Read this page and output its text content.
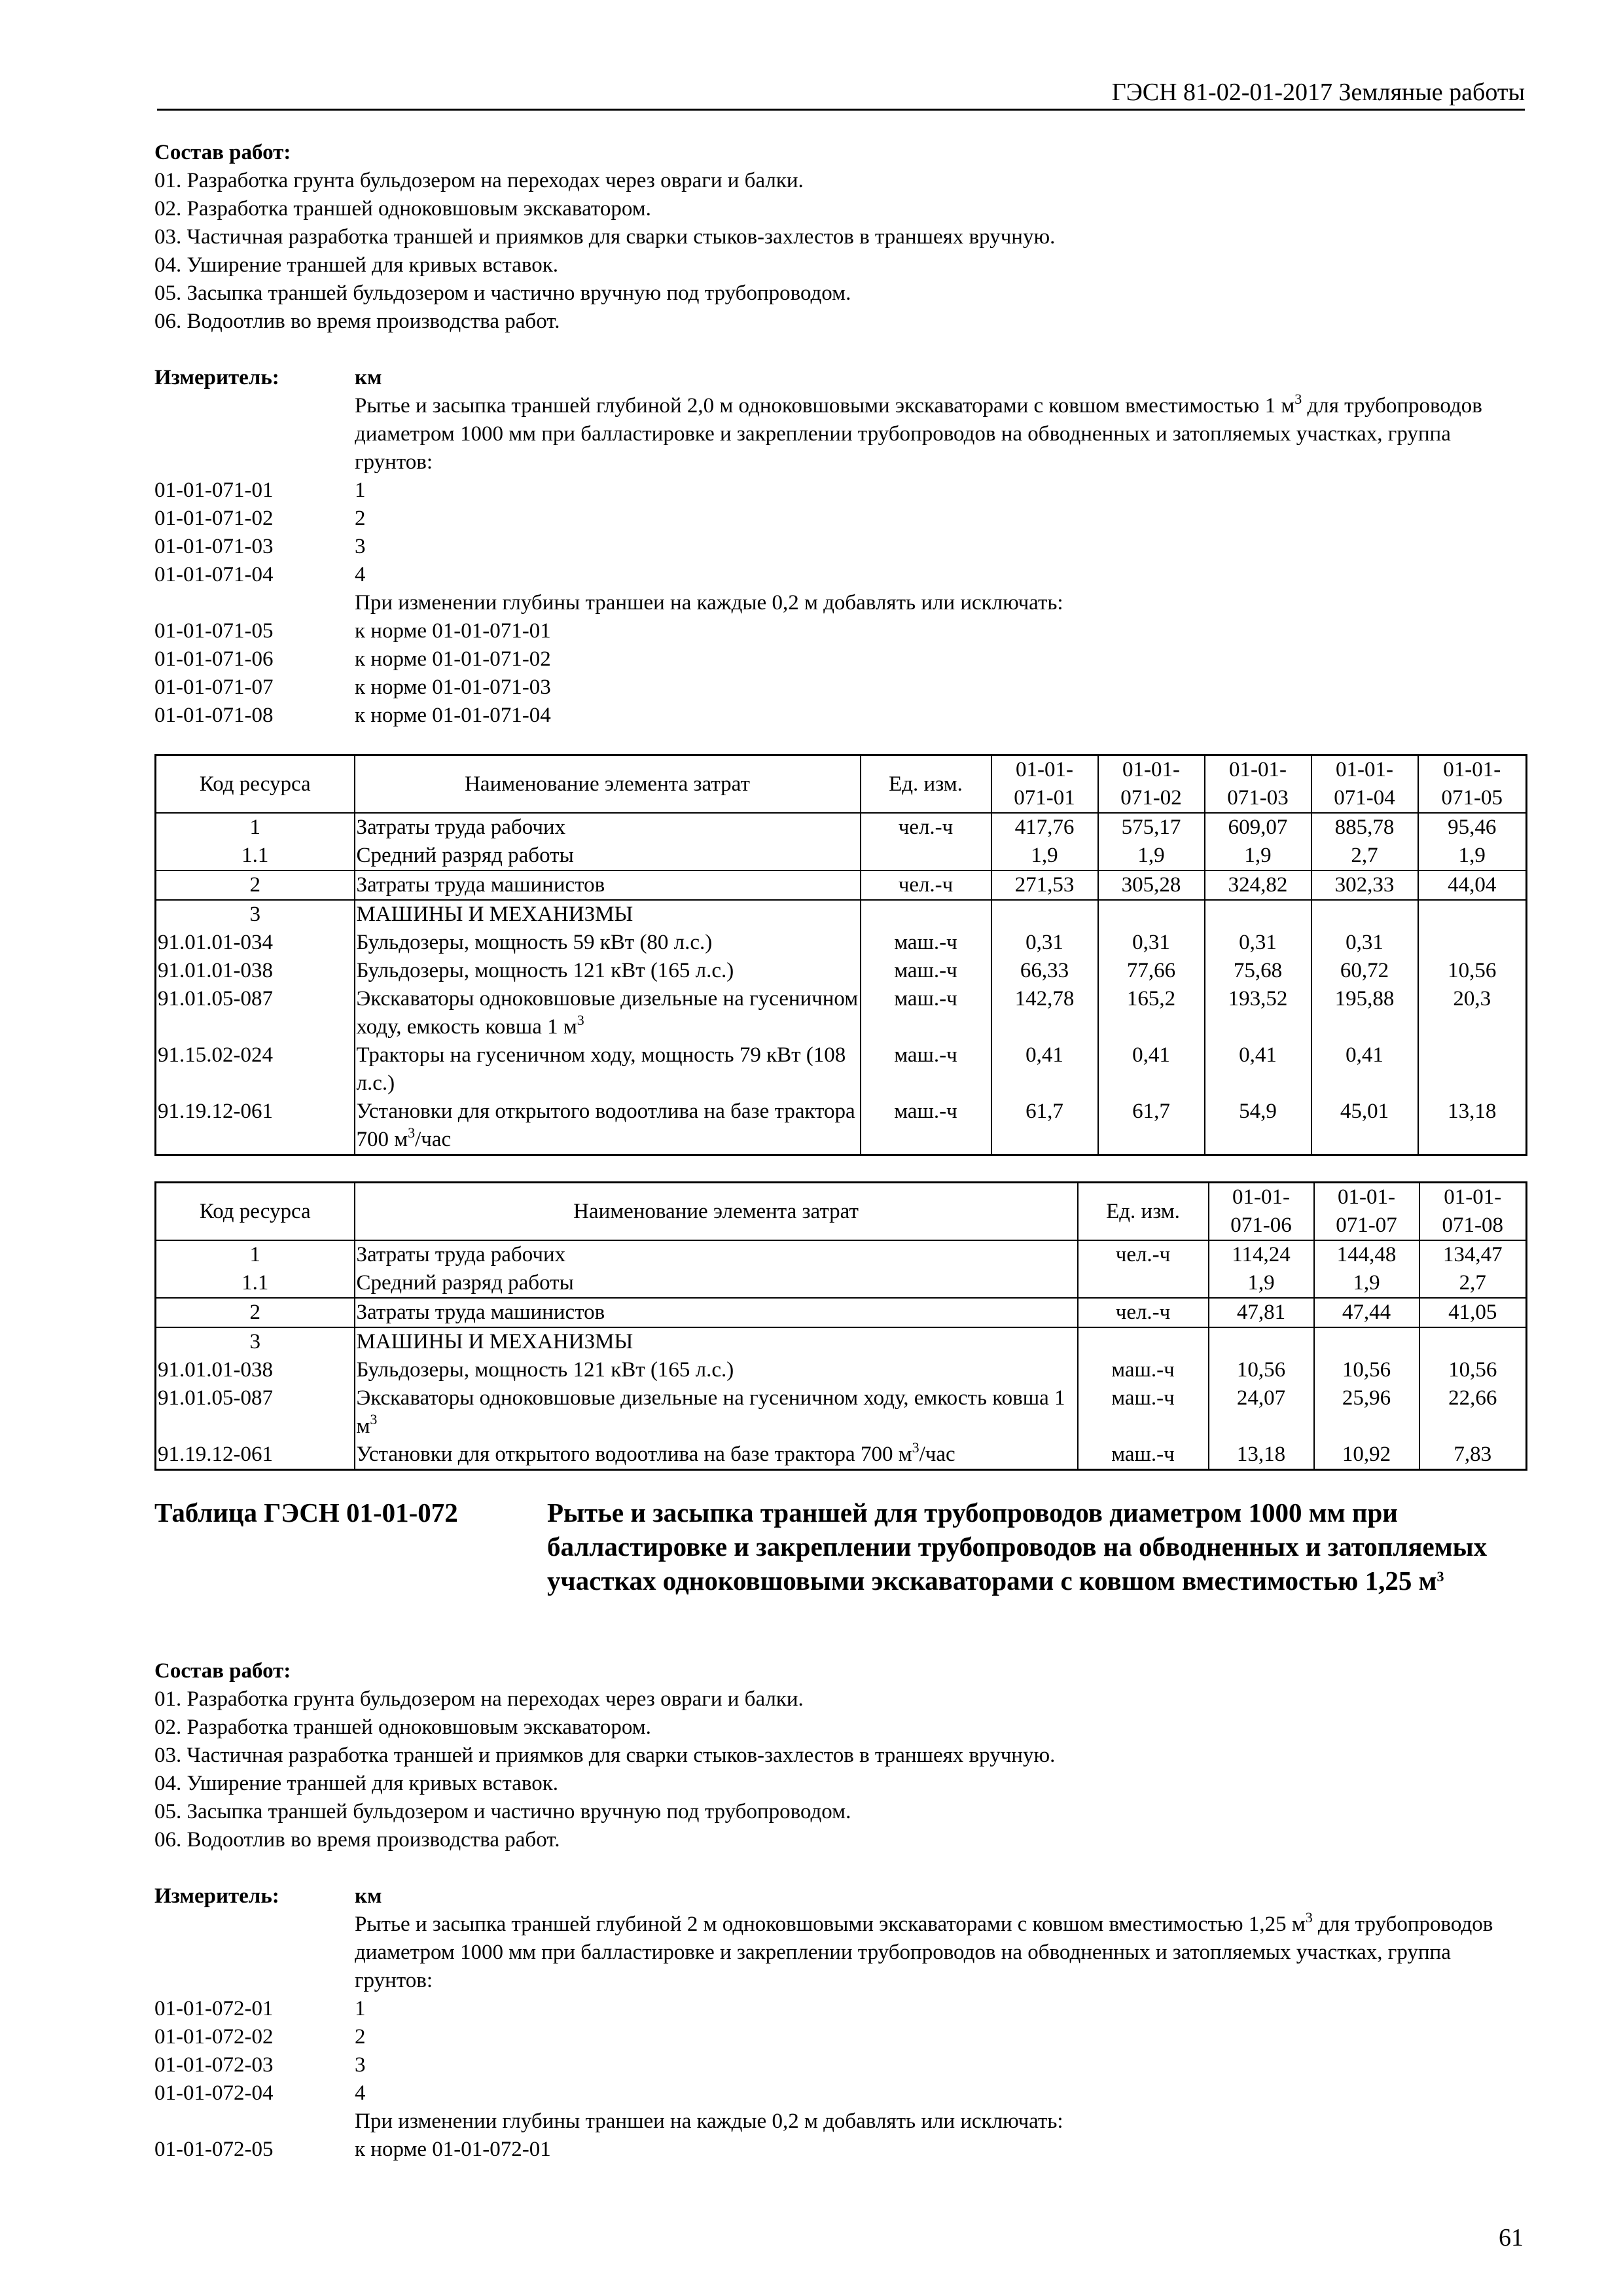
ГЭСН 81-02-01-2017 Земляные работы

Состав работ:

01. Разработка грунта бульдозером на переходах через овраги и балки.

02. Разработка траншей одноковшовым экскаватором.

03. Частичная разработка траншей и приямков для сварки стыков-захлестов в траншеях вручную.

04. Уширение траншей для кривых вставок.

05. Засыпка траншей бульдозером и частично вручную под трубопроводом.

06. Водоотлив во время производства работ.

Измеритель:	км

Рытье и засыпка траншей глубиной 2,0 м одноковшовыми экскаваторами с ковшом вместимостью 1 $м^3$ для трубопроводов диаметром 1000 мм при балластировке и закреплении трубопроводов на обводненных и затопляемых участках, группа грунтов:

01-01-071-01	1
01-01-071-02	2
01-01-071-03	3
01-01-071-04	4
При изменении глубины траншеи на каждые 0,2 м добавлять или исключать:
01-01-071-05	к норме 01-01-071-01
01-01-071-06	к норме 01-01-071-02
01-01-071-07	к норме 01-01-071-03
01-01-071-08	к норме 01-01-071-04
Код ресурса	Наименование элемента затрат	Ед. изм.	01-01-
071-01	01-01-
071-02	01-01-
071-03	01-01-
071-04	01-01-
071-05
1	Затраты труда рабочих	чел.-ч	417,76	575,17	609,07	885,78	95,46
1.1	Средний разряд работы		1,9	1,9	1,9	2,7	1,9
2	Затраты труда машинистов	чел.-ч	271,53	305,28	324,82	302,33	44,04
3	МАШИНЫ И МЕХАНИЗМЫ						
91.01.01-034	Бульдозеры, мощность 59 кВт (80 л.с.)	маш.-ч	0,31	0,31	0,31	0,31	
91.01.01-038	Бульдозеры, мощность 121 кВт (165 л.с.)	маш.-ч	66,33	77,66	75,68	60,72	10,56
91.01.05-087	Экскаваторы одноковшовые дизельные на гусеничном ходу, емкость ковша 1 $м^3$	маш.-ч	142,78	165,2	193,52	195,88	20,3
91.15.02-024	Тракторы на гусеничном ходу, мощность 79 кВт (108 л.с.)	маш.-ч	0,41	0,41	0,41	0,41	
91.19.12-061	Установки для открытого водоотлива на базе трактора 700 $м^3$/час	маш.-ч	61,7	61,7	54,9	45,01	13,18
Код ресурса	Наименование элемента затрат	Ед. изм.	01-01-
071-06	01-01-
071-07	01-01-
071-08
1	Затраты труда рабочих	чел.-ч	114,24	144,48	134,47
1.1	Средний разряд работы		1,9	1,9	2,7
2	Затраты труда машинистов	чел.-ч	47,81	47,44	41,05
3	МАШИНЫ И МЕХАНИЗМЫ				
91.01.01-038	Бульдозеры, мощность 121 кВт (165 л.с.)	маш.-ч	10,56	10,56	10,56
91.01.05-087	Экскаваторы одноковшовые дизельные на гусеничном ходу, емкость ковша 1 $м^3$	маш.-ч	24,07	25,96	22,66
91.19.12-061	Установки для открытого водоотлива на базе трактора 700 $м^3$/час	маш.-ч	13,18	10,92	7,83
Таблица ГЭСН 01-01-072	Рытье и засыпка траншей для трубопроводов диаметром 1000 мм при балластировке и закреплении трубопроводов на обводненных и затопляемых участках одноковшовыми экскаваторами с ковшом вместимостью 1,25 $м^3$

Состав работ:

01. Разработка грунта бульдозером на переходах через овраги и балки.

02. Разработка траншей одноковшовым экскаватором.

03. Частичная разработка траншей и приямков для сварки стыков-захлестов в траншеях вручную.

04. Уширение траншей для кривых вставок.

05. Засыпка траншей бульдозером и частично вручную под трубопроводом.

06. Водоотлив во время производства работ.

Измеритель:	км

Рытье и засыпка траншей глубиной 2 м одноковшовыми экскаваторами с ковшом вместимостью 1,25 $м^3$ для трубопроводов диаметром 1000 мм при балластировке и закреплении трубопроводов на обводненных и затопляемых участках, группа грунтов:

01-01-072-01	1
01-01-072-02	2
01-01-072-03	3
01-01-072-04	4
При изменении глубины траншеи на каждые 0,2 м добавлять или исключать:
01-01-072-05	к норме 01-01-072-01
61
